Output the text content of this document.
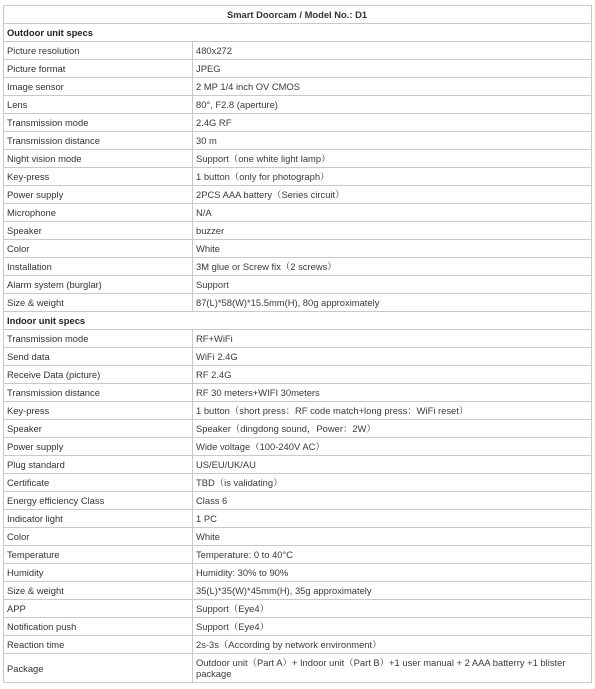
Smart Doorcam / Model No.: D1	
Outdoor unit specs	
Picture resolution	480x272
Picture format	JPEG
Image sensor	2 MP 1/4 inch OV CMOS
Lens	80°, F2.8 (aperture)
Transmission mode	2.4G RF
Transmission distance	30 m
Night vision mode	Support（one white light lamp）
Key-press	1 button（only for photograph）
Power supply	2PCS AAA battery（Series circuit）
Microphone	N/A
Speaker	buzzer
Color	White
Installation	3M glue or Screw fix（2 screws）
Alarm system (burglar)	Support
Size & weight	87(L)*58(W)*15.5mm(H), 80g approximately
Indoor unit specs	
Transmission mode	RF+WiFi
Send data	WiFi 2.4G
Receive Data (picture)	RF 2.4G
Transmission distance	RF 30 meters+WIFI 30meters
Key-press	1 button（short press：RF code match+long press：WiFi reset）
Speaker	Speaker（dingdong sound，Power：2W）
Power supply	Wide voltage（100-240V AC）
Plug standard	US/EU/UK/AU
Certificate	TBD（is validating）
Energy efficiency Class	Class 6
Indicator light	1 PC
Color	White
Temperature	Temperature: 0 to 40°C
Humidity	Humidity: 30% to 90%
Size & weight	35(L)*35(W)*45mm(H), 35g approximately
APP	Support（Eye4）
Notification push	Support（Eye4）
Reaction time	2s-3s（According by network environment）
Package	Outdoor unit（Part A）+ Indoor unit（Part B）+1 user manual + 2 AAA batterry +1 blister package
